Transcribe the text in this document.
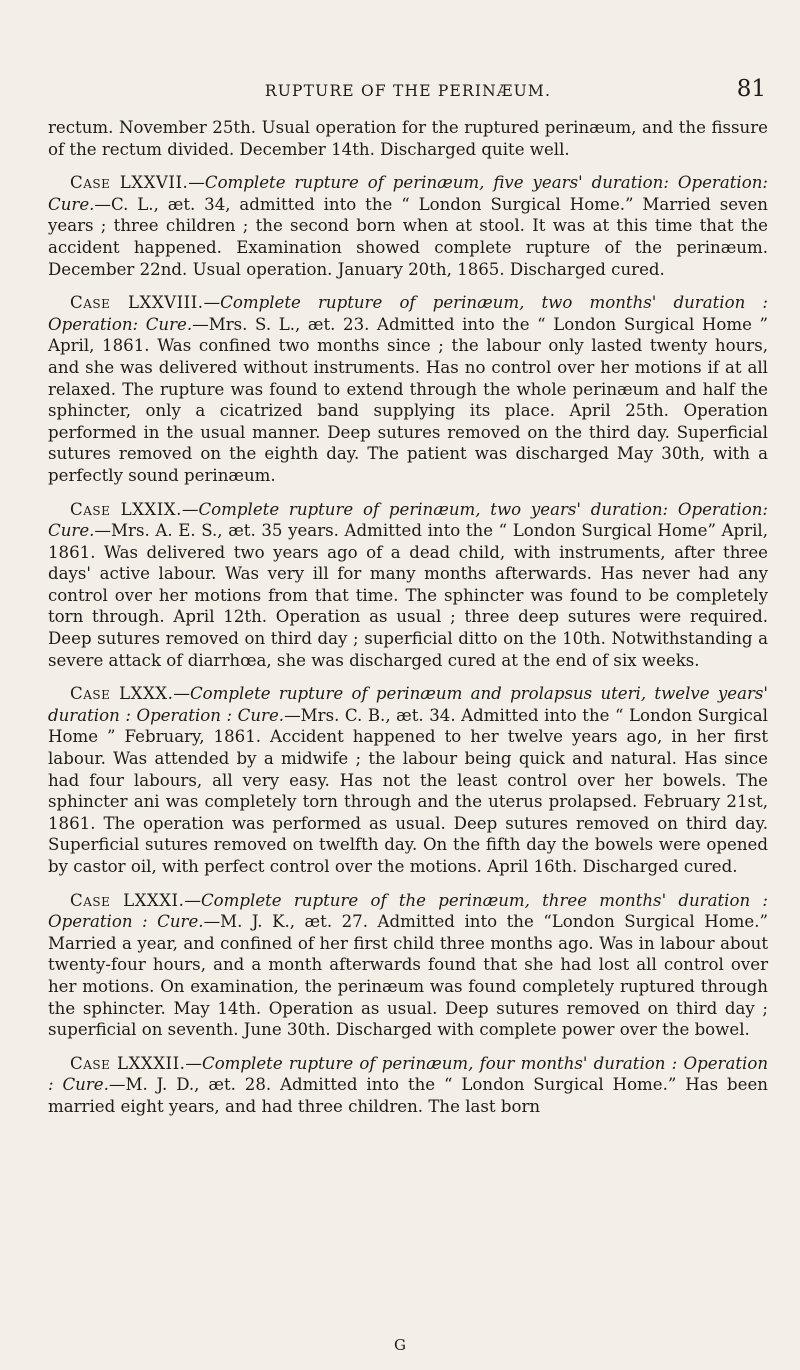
RUPTURE OF THE PERINÆUM.	81

rectum. November 25th. Usual operation for the ruptured perinæum, and the fissure of the rectum divided. December 14th. Discharged quite well.

Case LXXVII.—Complete rupture of perinæum, five years' duration: Operation: Cure.—C. L., æt. 34, admitted into the “ London Surgical Home.” Married seven years ; three children ; the second born when at stool. It was at this time that the accident happened. Examination showed complete rupture of the perinæum. December 22nd. Usual operation. January 20th, 1865. Discharged cured.

Case LXXVIII.—Complete rupture of perinæum, two months' duration : Operation: Cure.—Mrs. S. L., æt. 23. Admitted into the “ London Surgical Home ” April, 1861. Was confined two months since ; the labour only lasted twenty hours, and she was delivered without instruments. Has no control over her motions if at all relaxed. The rupture was found to extend through the whole perinæum and half the sphincter, only a cicatrized band supplying its place. April 25th. Operation performed in the usual manner. Deep sutures removed on the third day. Superficial sutures removed on the eighth day. The patient was discharged May 30th, with a perfectly sound perinæum.

Case LXXIX.—Complete rupture of perinæum, two years' duration: Operation: Cure.—Mrs. A. E. S., æt. 35 years. Admitted into the “ London Surgical Home” April, 1861. Was delivered two years ago of a dead child, with instruments, after three days' active labour. Was very ill for many months afterwards. Has never had any control over her motions from that time. The sphincter was found to be completely torn through. April 12th. Operation as usual ; three deep sutures were required. Deep sutures removed on third day ; superficial ditto on the 10th. Notwithstanding a severe attack of diarrhœa, she was discharged cured at the end of six weeks.

Case LXXX.—Complete rupture of perinæum and prolapsus uteri, twelve years' duration : Operation : Cure.—Mrs. C. B., æt. 34. Admitted into the “ London Surgical Home ” February, 1861. Accident happened to her twelve years ago, in her first labour. Was attended by a midwife ; the labour being quick and natural. Has since had four labours, all very easy. Has not the least control over her bowels. The sphincter ani was completely torn through and the uterus prolapsed. February 21st, 1861. The operation was performed as usual. Deep sutures removed on third day. Superficial sutures removed on twelfth day. On the fifth day the bowels were opened by castor oil, with perfect control over the motions. April 16th. Discharged cured.

Case LXXXI.—Complete rupture of the perinæum, three months' duration : Operation : Cure.—M. J. K., æt. 27. Admitted into the “London Surgical Home.” Married a year, and confined of her first child three months ago. Was in labour about twenty-four hours, and a month afterwards found that she had lost all control over her motions. On examination, the perinæum was found completely ruptured through the sphincter. May 14th. Operation as usual. Deep sutures removed on third day ; superficial on seventh. June 30th. Discharged with complete power over the bowel.

Case LXXXII.—Complete rupture of perinæum, four months' duration : Operation : Cure.—M. J. D., æt. 28. Admitted into the “ London Surgical Home.” Has been married eight years, and had three children. The last born

G
